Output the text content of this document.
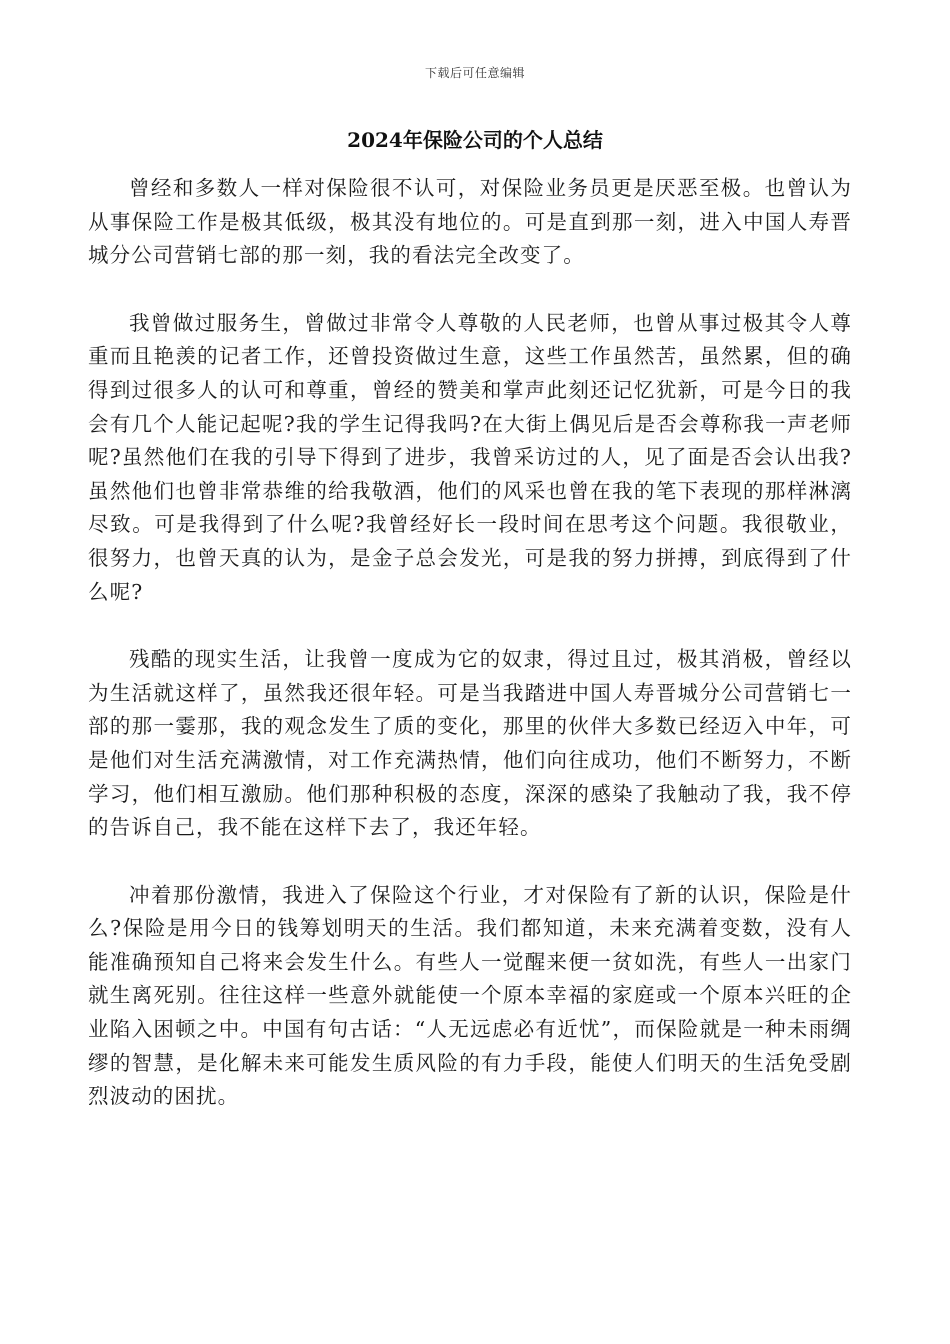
下载后可任意编辑
2024年保险公司的个人总结

曾经和多数人一样对保险很不认可，对保险业务员更是厌恶至极。也曾认为从事保险工作是极其低级，极其没有地位的。可是直到那一刻，进入中国人寿晋城分公司营销七部的那一刻，我的看法完全改变了。

我曾做过服务生，曾做过非常令人尊敬的人民老师，也曾从事过极其令人尊重而且艳羡的记者工作，还曾投资做过生意，这些工作虽然苦，虽然累，但的确得到过很多人的认可和尊重，曾经的赞美和掌声此刻还记忆犹新，可是今日的我会有几个人能记起呢?我的学生记得我吗?在大街上偶见后是否会尊称我一声老师呢?虽然他们在我的引导下得到了进步，我曾采访过的人，见了面是否会认出我?虽然他们也曾非常恭维的给我敬酒，他们的风采也曾在我的笔下表现的那样淋漓尽致。可是我得到了什么呢?我曾经好长一段时间在思考这个问题。我很敬业，很努力，也曾天真的认为，是金子总会发光，可是我的努力拼搏，到底得到了什么呢?

残酷的现实生活，让我曾一度成为它的奴隶，得过且过，极其消极，曾经以为生活就这样了，虽然我还很年轻。可是当我踏进中国人寿晋城分公司营销七一部的那一霎那，我的观念发生了质的变化，那里的伙伴大多数已经迈入中年，可是他们对生活充满激情，对工作充满热情，他们向往成功，他们不断努力，不断学习，他们相互激励。他们那种积极的态度，深深的感染了我触动了我，我不停的告诉自己，我不能在这样下去了，我还年轻。

冲着那份激情，我进入了保险这个行业，才对保险有了新的认识，保险是什么?保险是用今日的钱筹划明天的生活。我们都知道，未来充满着变数，没有人能准确预知自己将来会发生什么。有些人一觉醒来便一贫如洗，有些人一出家门就生离死别。往往这样一些意外就能使一个原本幸福的家庭或一个原本兴旺的企业陷入困顿之中。中国有句古话：“人无远虑必有近忧”，而保险就是一种未雨绸缪的智慧，是化解未来可能发生质风险的有力手段，能使人们明天的生活免受剧烈波动的困扰。
